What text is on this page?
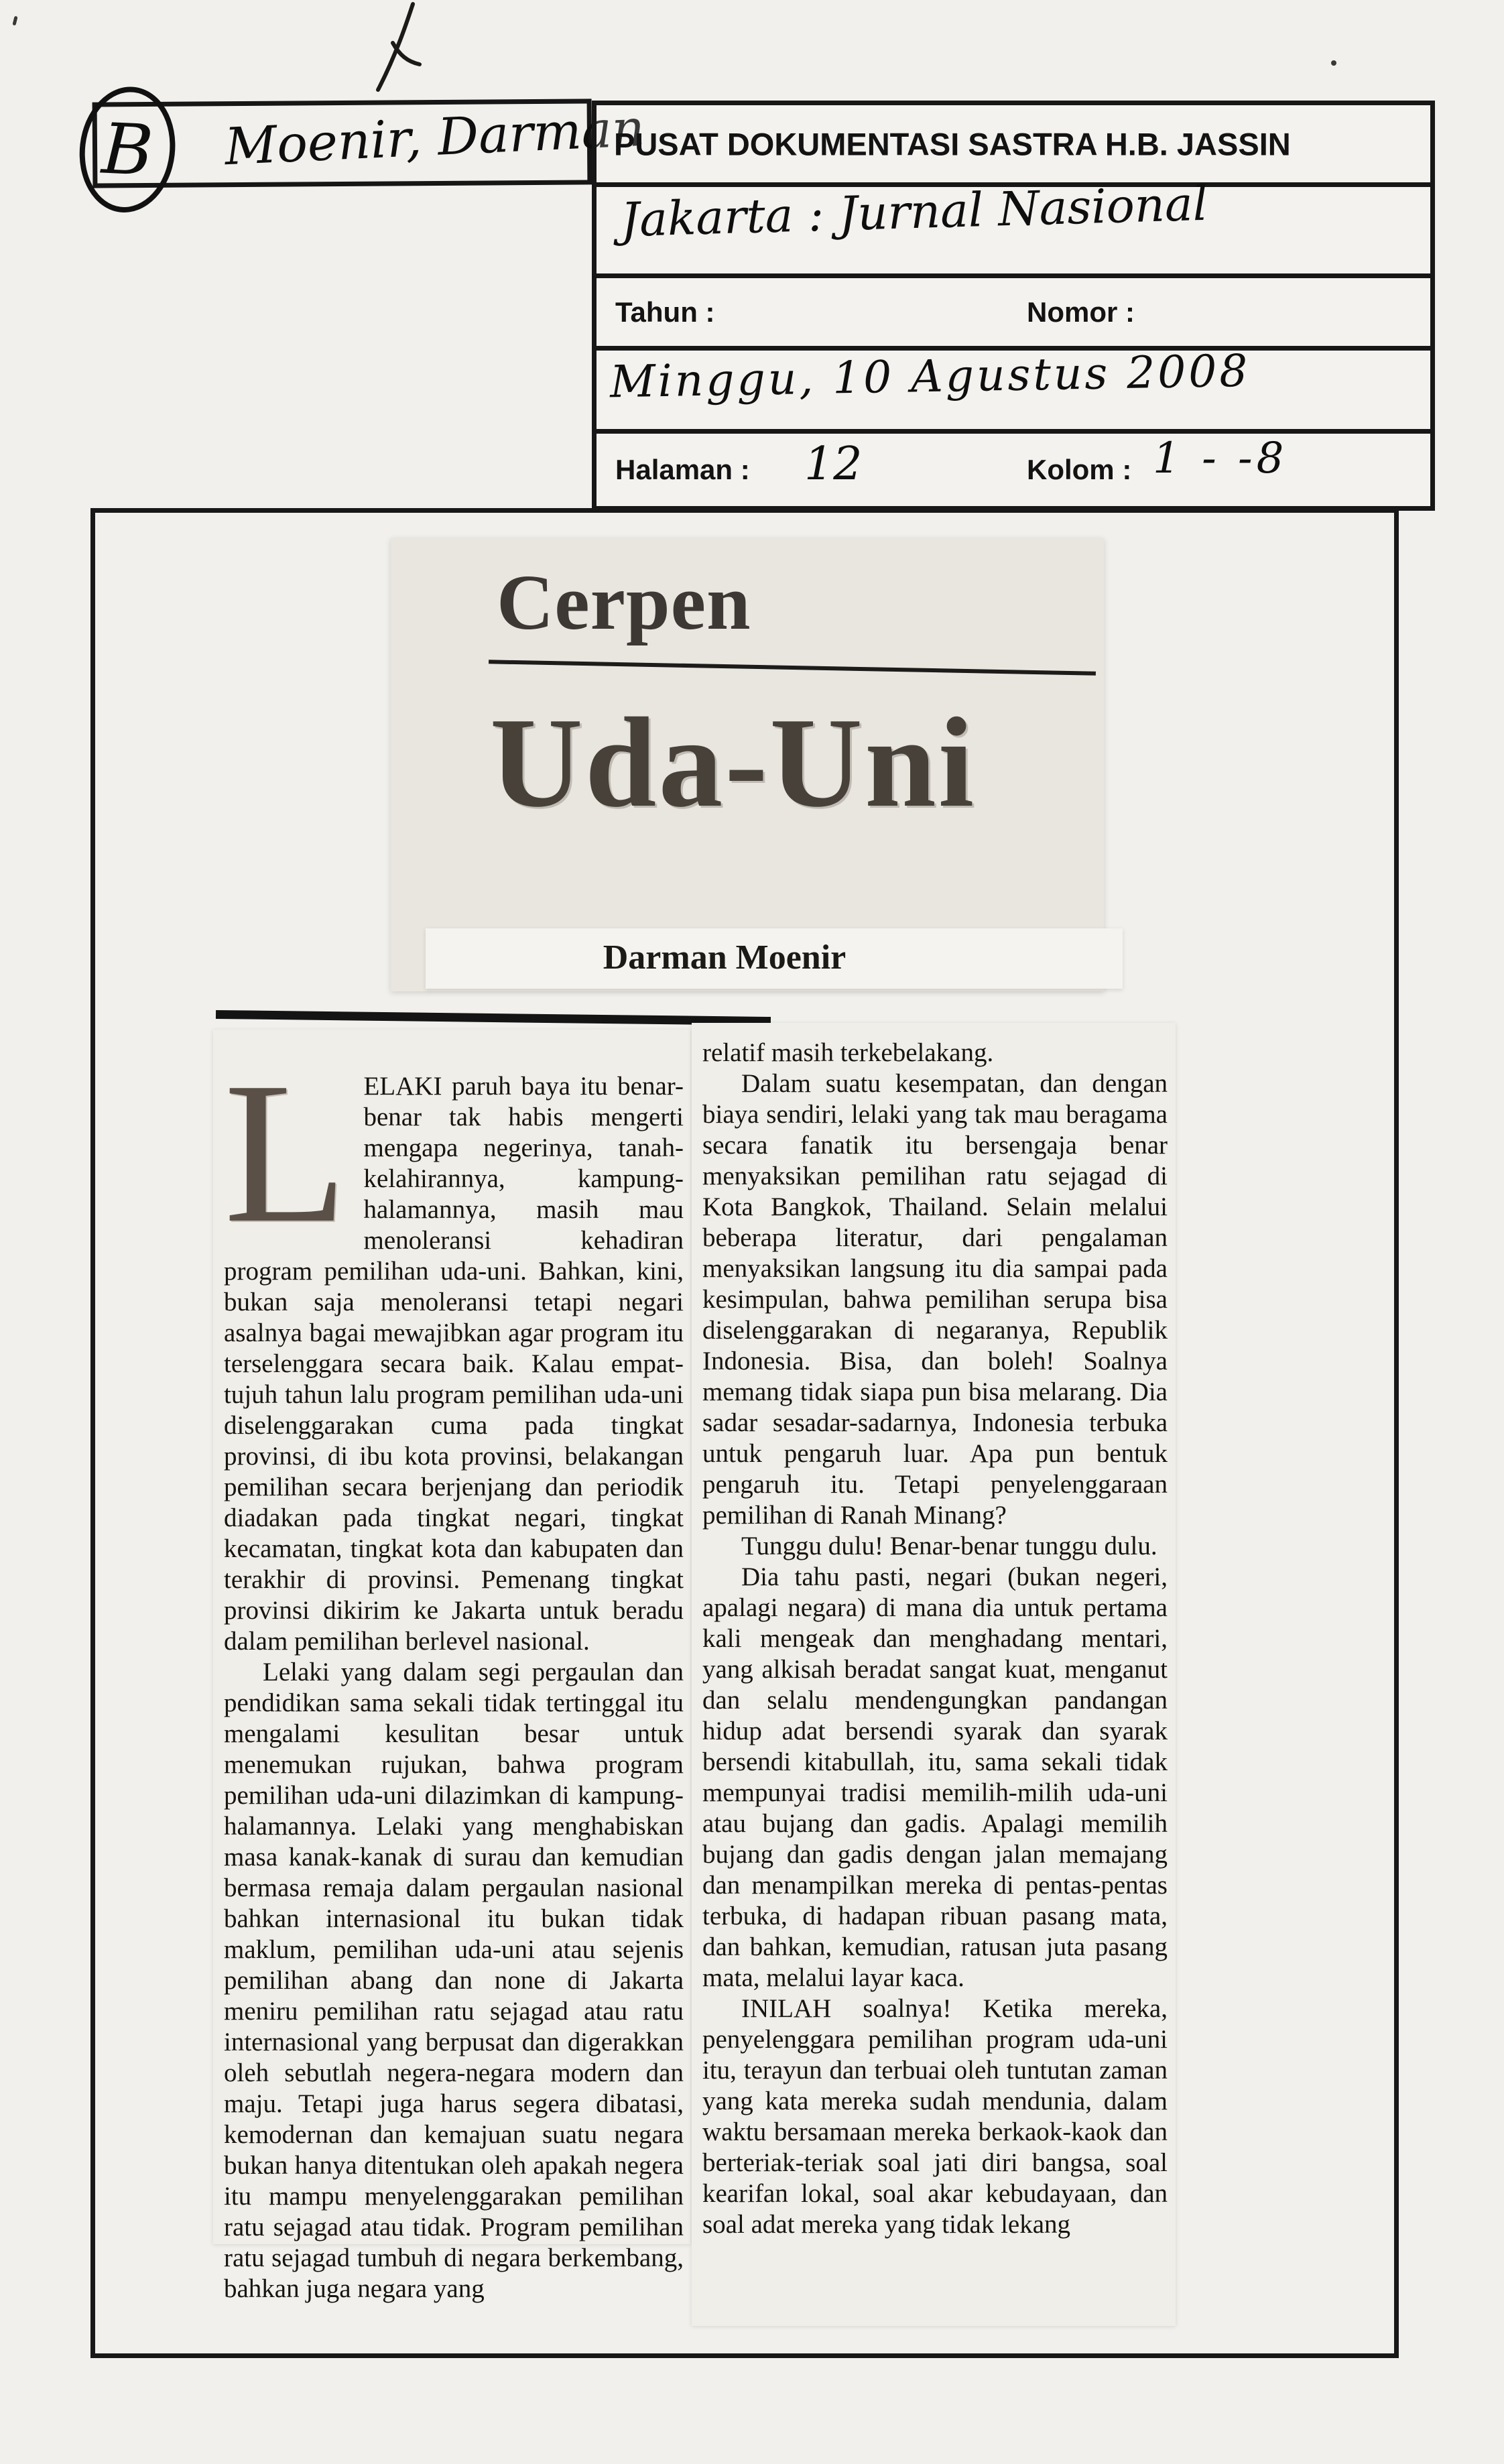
B Moenir, Darman
PUSAT DOKUMENTASI SASTRA H.B. JASSIN
Jakarta : Jurnal Nasional
Tahun :	Nomor :
Minggu, 10 Agustus 2008
Halaman : 12	Kolom : 1 - -8
Cerpen
Uda-Uni
Darman Moenir

LELAKI paruh baya itu benar-benar tak habis mengerti mengapa negerinya, tanah-kelahirannya, kampung-halamannya, masih mau menoleransi kehadiran program pemilihan uda-uni. Bahkan, kini, bukan saja menoleransi tetapi negari asalnya bagai mewajibkan agar program itu terselenggara secara baik. Kalau empat-tujuh tahun lalu program pemilihan uda-uni diselenggarakan cuma pada tingkat provinsi, di ibu kota provinsi, belakangan pemilihan secara berjenjang dan periodik diadakan pada tingkat negari, tingkat kecamatan, tingkat kota dan kabupaten dan terakhir di provinsi. Pemenang tingkat provinsi dikirim ke Jakarta untuk beradu dalam pemilihan berlevel nasional.

Lelaki yang dalam segi pergaulan dan pendidikan sama sekali tidak tertinggal itu mengalami kesulitan besar untuk menemukan rujukan, bahwa program pemilihan uda-uni dilazimkan di kampung-halamannya. Lelaki yang menghabiskan masa kanak-kanak di surau dan kemudian bermasa remaja dalam pergaulan nasional bahkan internasional itu bukan tidak maklum, pemilihan uda-uni atau sejenis pemilihan abang dan none di Jakarta meniru pemilihan ratu sejagad atau ratu internasional yang berpusat dan digerakkan oleh sebutlah negera-negara modern dan maju. Tetapi juga harus segera dibatasi, kemodernan dan kemajuan suatu negara bukan hanya ditentukan oleh apakah negera itu mampu menyelenggarakan pemilihan ratu sejagad atau tidak. Program pemilihan ratu sejagad tumbuh di negara berkembang, bahkan juga negara yang

relatif masih terkebelakang.

Dalam suatu kesempatan, dan dengan biaya sendiri, lelaki yang tak mau beragama secara fanatik itu bersengaja benar menyaksikan pemilihan ratu sejagad di Kota Bangkok, Thailand. Selain melalui beberapa literatur, dari pengalaman menyaksikan langsung itu dia sampai pada kesimpulan, bahwa pemilihan serupa bisa diselenggarakan di negaranya, Republik Indonesia. Bisa, dan boleh! Soalnya memang tidak siapa pun bisa melarang. Dia sadar sesadar-sadarnya, Indonesia terbuka untuk pengaruh luar. Apa pun bentuk pengaruh itu. Tetapi penyelenggaraan pemilihan di Ranah Minang?

Tunggu dulu! Benar-benar tunggu dulu.

Dia tahu pasti, negari (bukan negeri, apalagi negara) di mana dia untuk pertama kali mengeak dan menghadang mentari, yang alkisah beradat sangat kuat, menganut dan selalu mendengungkan pandangan hidup adat bersendi syarak dan syarak bersendi kitabullah, itu, sama sekali tidak mempunyai tradisi memilih-milih uda-uni atau bujang dan gadis. Apalagi memilih bujang dan gadis dengan jalan memajang dan menampilkan mereka di pentas-pentas terbuka, di hadapan ribuan pasang mata, dan bahkan, kemudian, ratusan juta pasang mata, melalui layar kaca.

INILAH soalnya! Ketika mereka, penyelenggara pemilihan program uda-uni itu, terayun dan terbuai oleh tuntutan zaman yang kata mereka sudah mendunia, dalam waktu bersamaan mereka berkaok-kaok dan berteriak-teriak soal jati diri bangsa, soal kearifan lokal, soal akar kebudayaan, dan soal adat mereka yang tidak lekang
